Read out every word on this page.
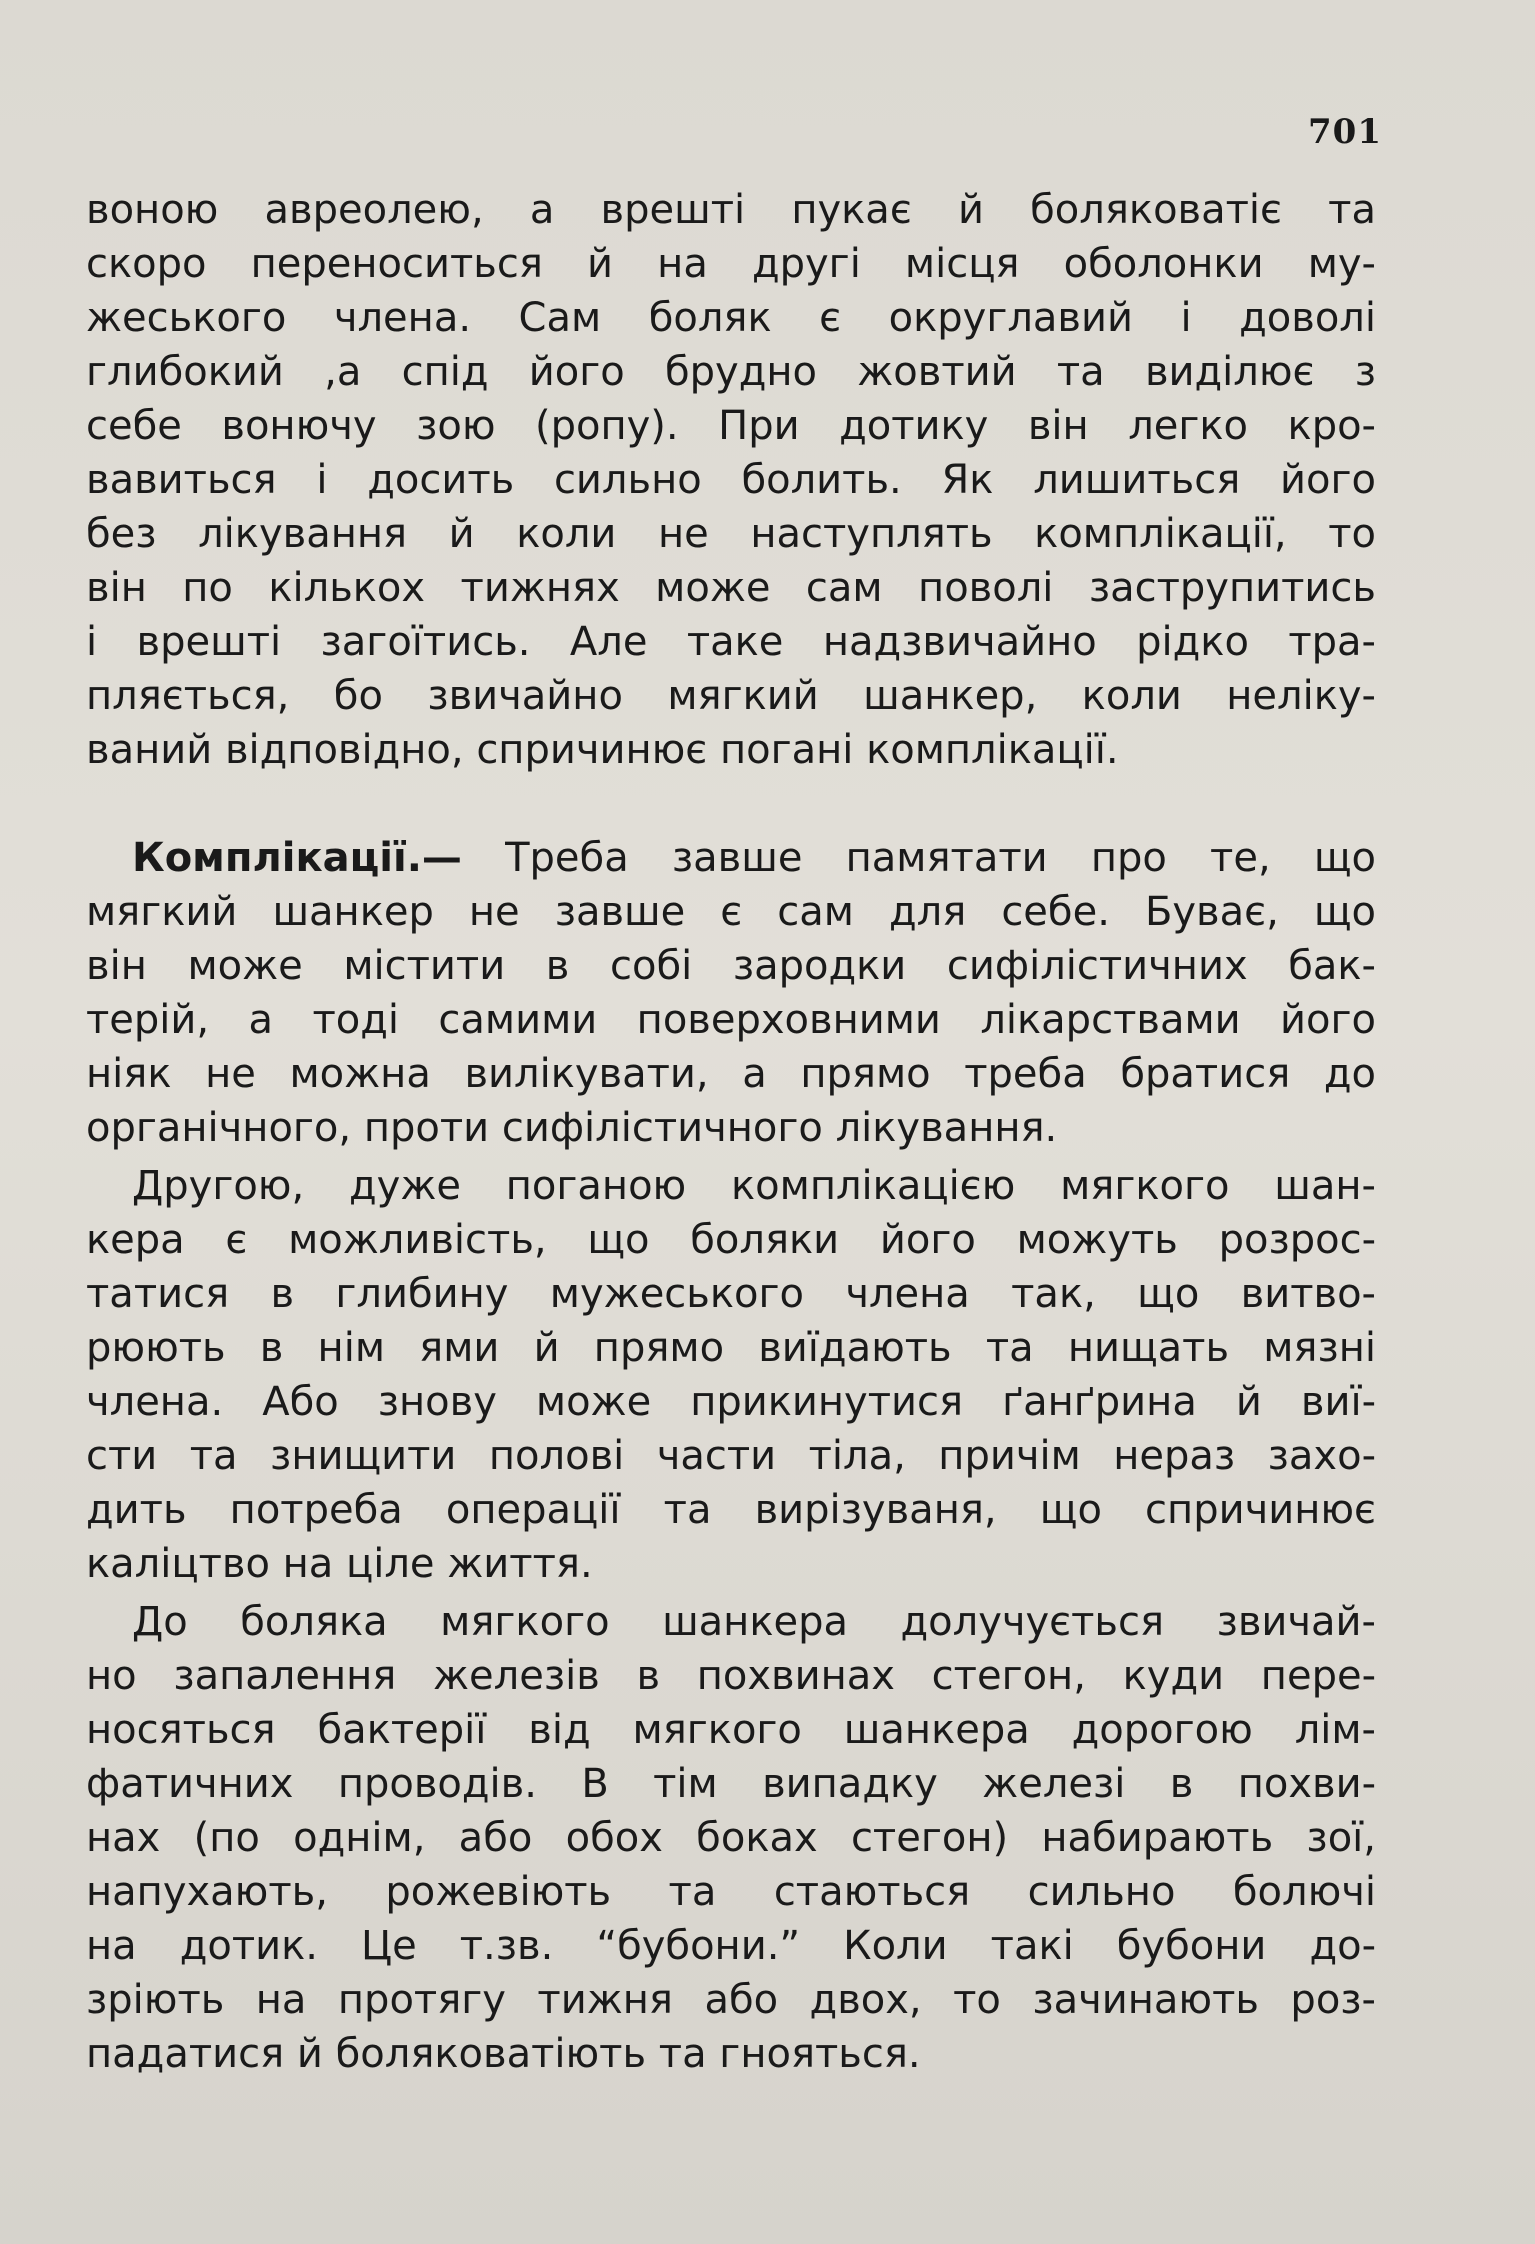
701
воною авреолею, а врешті пукає й боляковатіє та
скоро переноситься й на другі місця оболонки му-
жеського члена. Сам боляк є округлавий і доволі
глибокий ,а спід його брудно жовтий та виділює з
себе вонючу зою (ропу). При дотику він легко кро-
вавиться і досить сильно болить. Як лишиться його
без лікування й коли не наступлять комплікації, то
він по кількох тижнях може сам поволі заструпитись
і врешті загоїтись. Але таке надзвичайно рідко тра-
пляється, бо звичайно мягкий шанкер, коли неліку-
ваний відповідно, спричинює погані комплікації.
Комплікації.— Треба завше памятати про те, що
мягкий шанкер не завше є сам для себе. Буває, що
він може містити в собі зародки сифілістичних бак-
терій, а тоді самими поверховними лікарствами його
ніяк не можна вилікувати, а прямо треба братися до
органічного, проти сифілістичного лікування.
Другою, дуже поганою комплікацією мягкого шан-
кера є можливість, що боляки його можуть розрос-
татися в глибину мужеського члена так, що витво-
рюють в нім ями й прямо виїдають та нищать мязні
члена. Або знову може прикинутися ґанґрина й виї-
сти та знищити полові части тіла, причім нераз захо-
дить потреба операції та вирізуваня, що спричинює
каліцтво на ціле життя.
До боляка мягкого шанкера долучується звичай-
но запалення железів в похвинах стегон, куди пере-
носяться бактерії від мягкого шанкера дорогою лім-
фатичних проводів. В тім випадку железі в похви-
нах (по однім, або обох боках стегон) набирають зої,
напухають, рожевіють та стаються сильно болючі
на дотик. Це т.зв. “бубони.” Коли такі бубони до-
зріють на протягу тижня або двох, то зачинають роз-
падатися й боляковатіють та гнояться.
